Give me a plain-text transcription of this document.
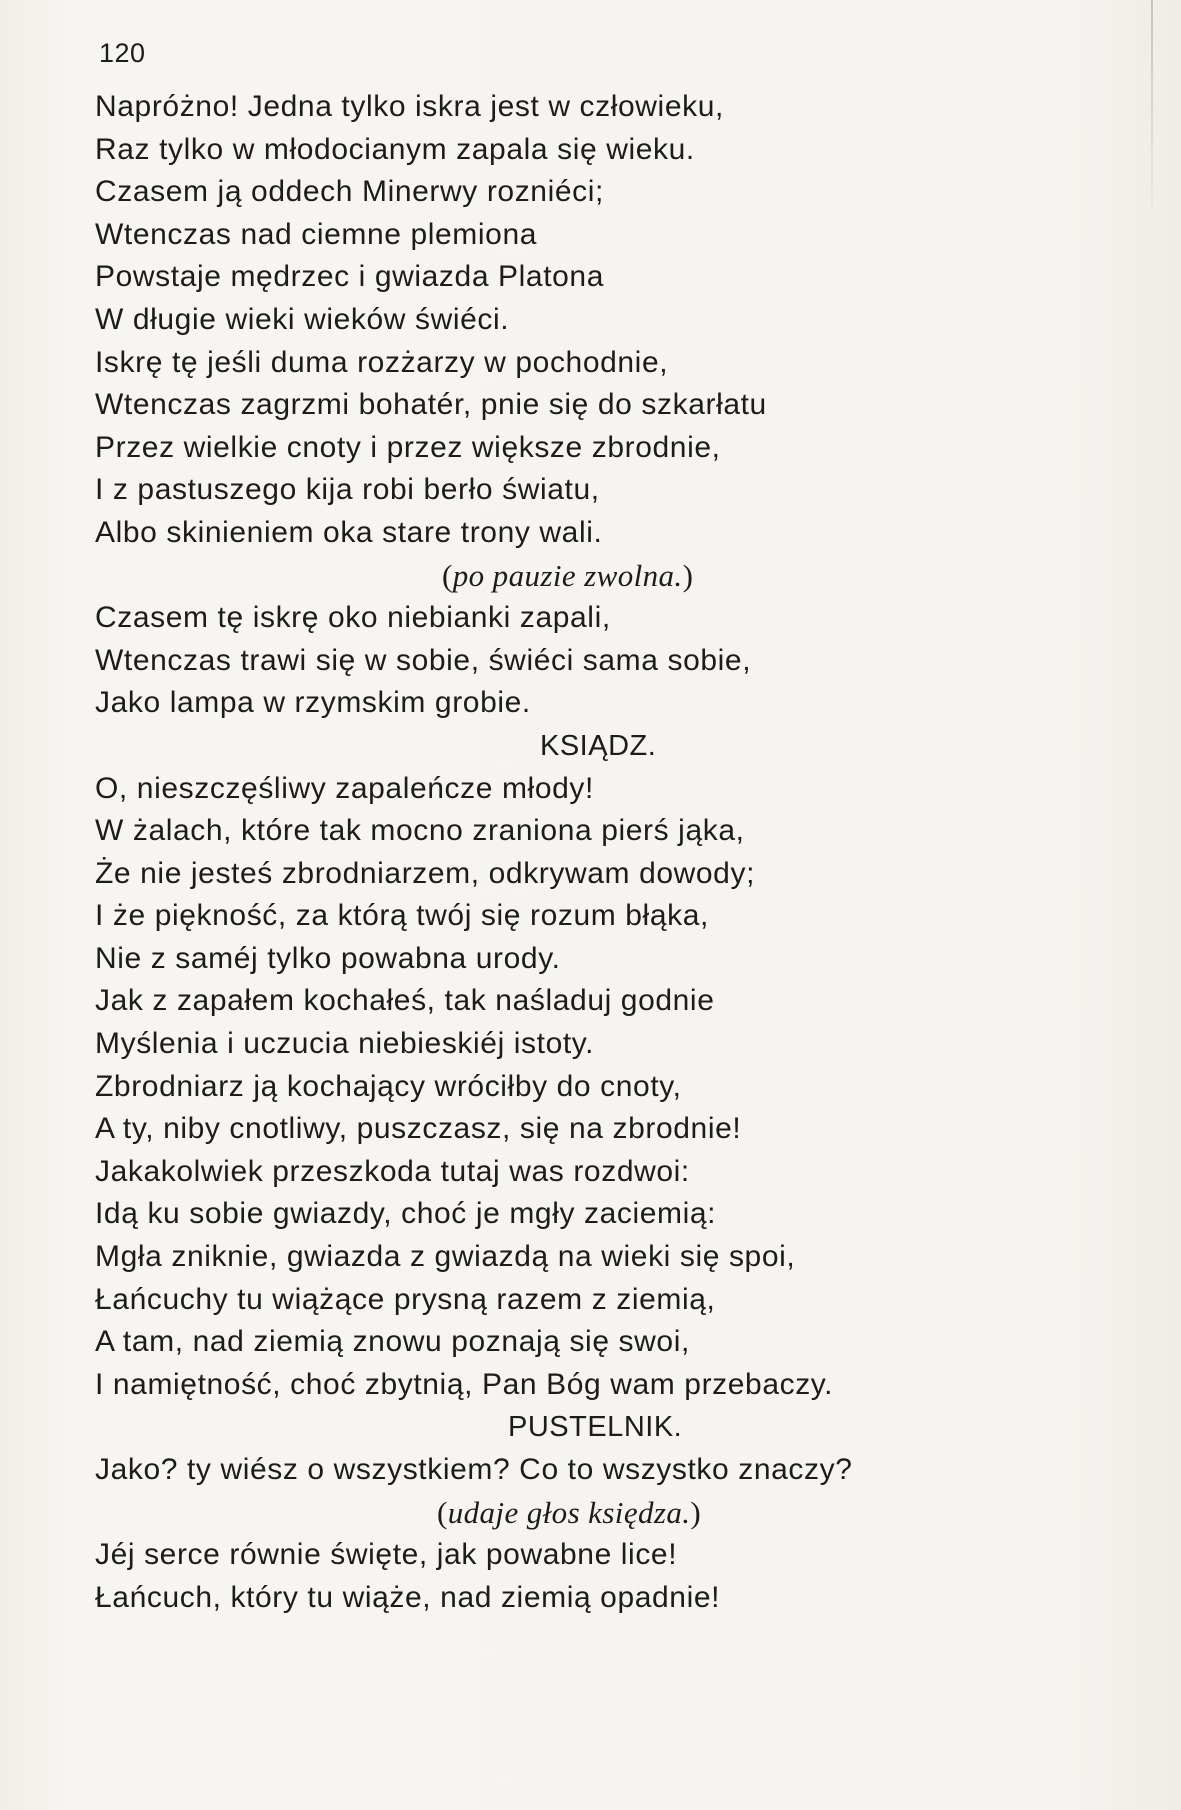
120
Napróżno! Jedna tylko iskra jest w człowieku,
Raz tylko w młodocianym zapala się wieku.
Czasem ją oddech Minerwy rozniéci;
Wtenczas nad ciemne plemiona
Powstaje mędrzec i gwiazda Platona
W długie wieki wieków świéci.
Iskrę tę jeśli duma rozżarzy w pochodnie,
Wtenczas zagrzmi bohatér, pnie się do szkarłatu
Przez wielkie cnoty i przez większe zbrodnie,
I z pastuszego kija robi berło światu,
Albo skinieniem oka stare trony wali.
(po pauzie zwolna.)
Czasem tę iskrę oko niebianki zapali,
Wtenczas trawi się w sobie, świéci sama sobie,
Jako lampa w rzymskim grobie.
KSIĄDZ.
O, nieszczęśliwy zapaleńcze młody!
W żalach, które tak mocno zraniona pierś jąka,
Że nie jesteś zbrodniarzem, odkrywam dowody;
I że piękność, za którą twój się rozum błąka,
Nie z saméj tylko powabna urody.
Jak z zapałem kochałeś, tak naśladuj godnie
Myślenia i uczucia niebieskiéj istoty.
Zbrodniarz ją kochający wróciłby do cnoty,
A ty, niby cnotliwy, puszczasz, się na zbrodnie!
Jakakolwiek przeszkoda tutaj was rozdwoi:
Idą ku sobie gwiazdy, choć je mgły zaciemią:
Mgła zniknie, gwiazda z gwiazdą na wieki się spoi,
Łańcuchy tu wiążące prysną razem z ziemią,
A tam, nad ziemią znowu poznają się swoi,
I namiętność, choć zbytnią, Pan Bóg wam przebaczy.
PUSTELNIK.
Jako? ty wiész o wszystkiem? Co to wszystko znaczy?
(udaje głos księdza.)
Jéj serce równie święte, jak powabne lice!
Łańcuch, który tu wiąże, nad ziemią opadnie!
